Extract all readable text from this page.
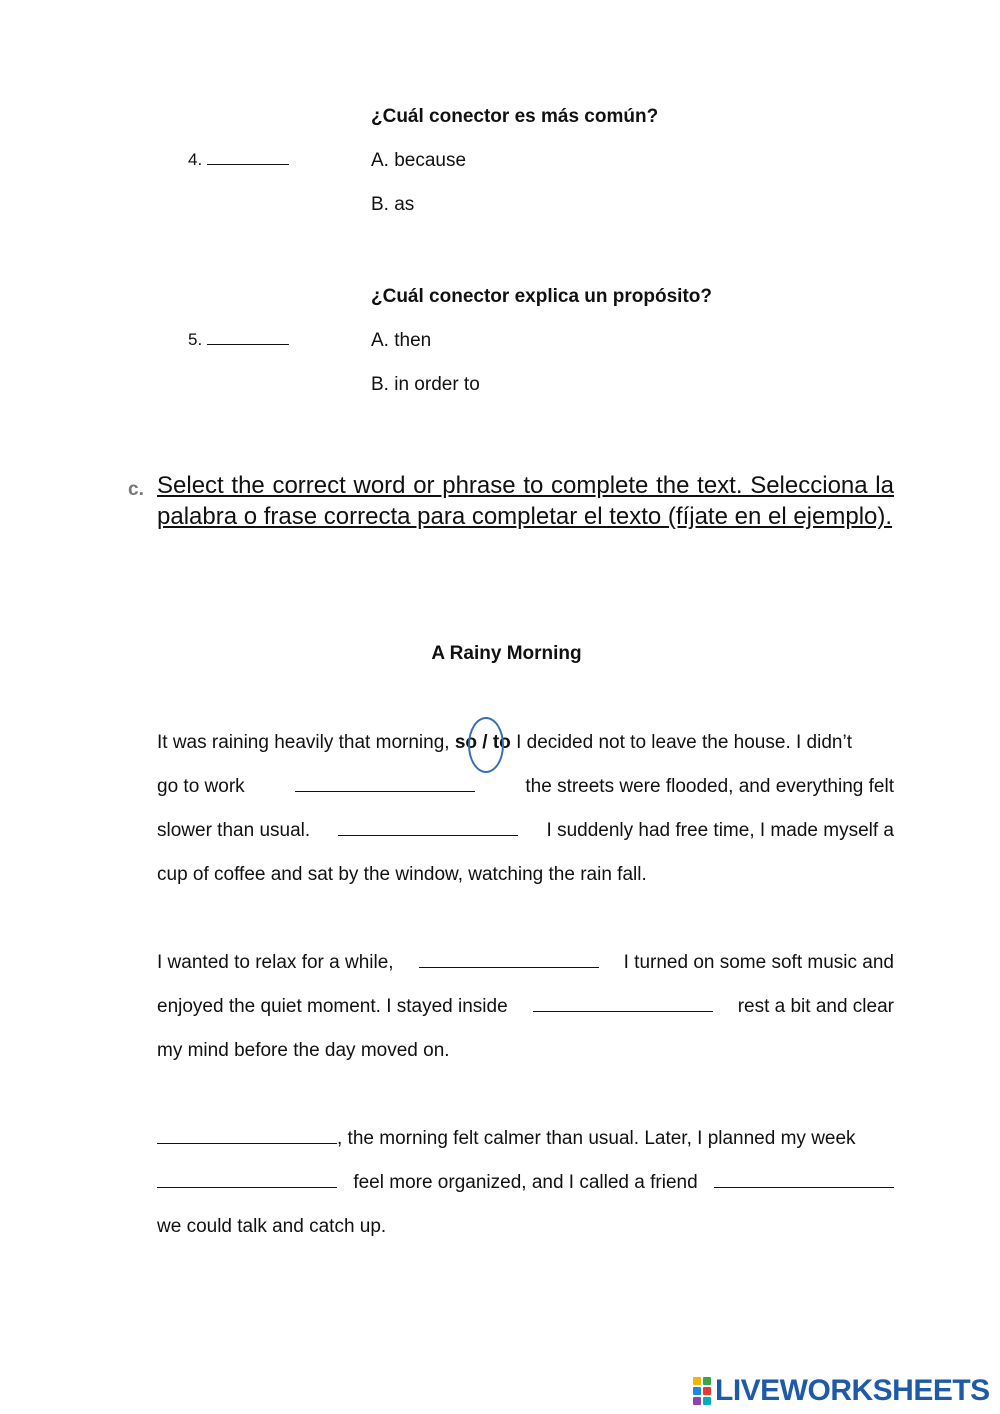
¿Cuál conector es más común?
4.	A. because
B. as
¿Cuál conector explica un propósito?
5.	A. then
B. in order to
c. Select the correct word or phrase to complete the text. Selecciona la palabra o frase correcta para completar el texto (fíjate en el ejemplo).
A Rainy Morning
It was raining heavily that morning,
so
/
to
I decided not to leave the house. I didn’t
go to work	the streets were flooded, and everything felt
slower than usual.	I suddenly had free time, I made myself a
cup of coffee and sat by the window, watching the rain fall.
I wanted to relax for a while,	I turned on some soft music and
enjoyed the quiet moment. I stayed inside	rest a bit and clear
my mind before the day moved on.
, the morning felt calmer than usual. Later, I planned my week
feel more organized, and I called a friend
we could talk and catch up.
LIVEWORKSHEETS
